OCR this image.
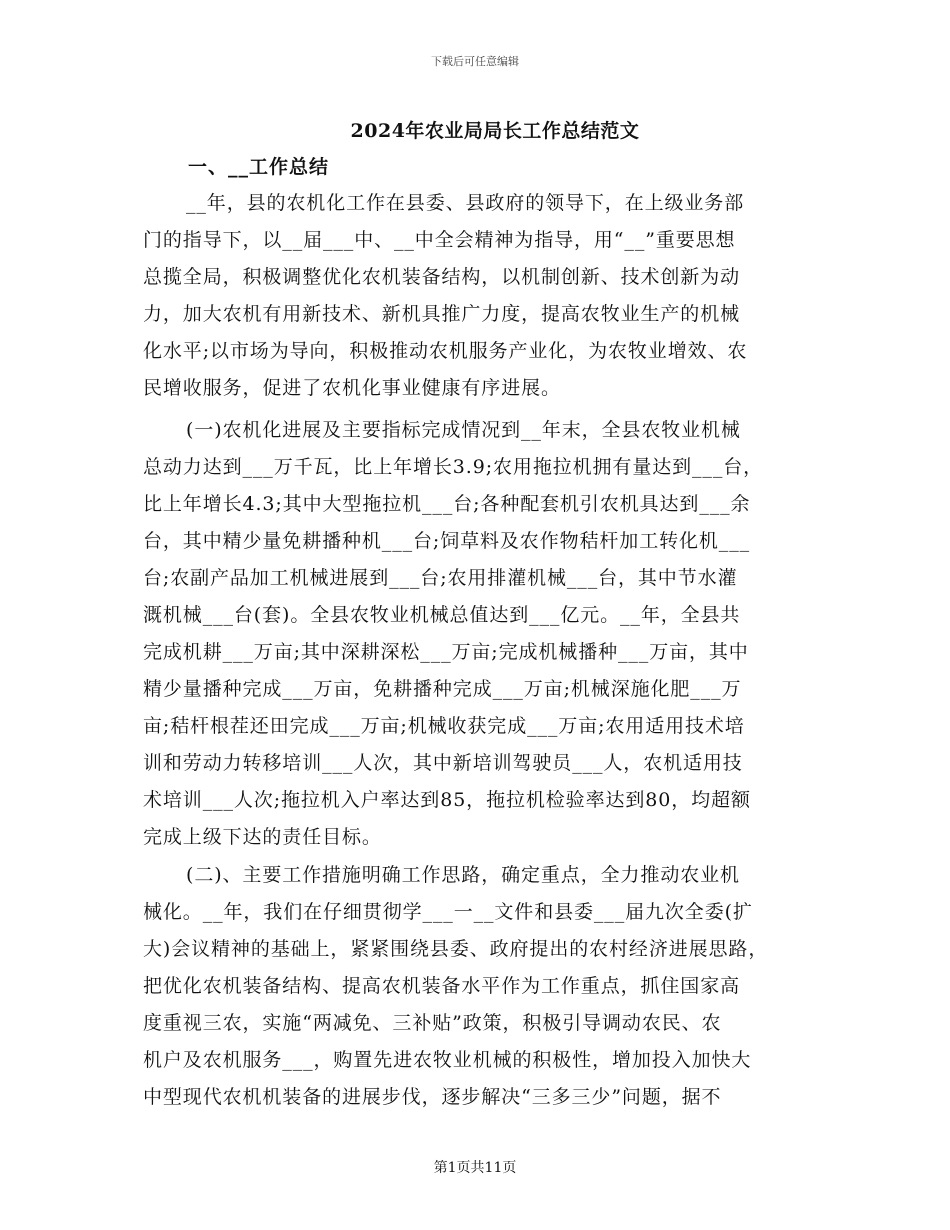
下载后可任意编辑
2024年农业局局长工作总结范文
一、__工作总结
__年，县的农机化工作在县委、县政府的领导下，在上级业务部
门的指导下，以__届___中、__中全会精神为指导，用“__”重要思想
总揽全局，积极调整优化农机装备结构，以机制创新、技术创新为动
力，加大农机有用新技术、新机具推广力度，提高农牧业生产的机械
化水平;以市场为导向，积极推动农机服务产业化，为农牧业增效、农
民增收服务，促进了农机化事业健康有序进展。
(一)农机化进展及主要指标完成情况到__年末，全县农牧业机械
总动力达到___万千瓦，比上年增长3.9;农用拖拉机拥有量达到___台，
比上年增长4.3;其中大型拖拉机___台;各种配套机引农机具达到___余
台，其中精少量免耕播种机___台;饲草料及农作物秸杆加工转化机___
台;农副产品加工机械进展到___台;农用排灌机械___台，其中节水灌
溉机械___台(套)。全县农牧业机械总值达到___亿元。__年，全县共
完成机耕___万亩;其中深耕深松___万亩;完成机械播种___万亩，其中
精少量播种完成___万亩，免耕播种完成___万亩;机械深施化肥___万
亩;秸杆根茬还田完成___万亩;机械收获完成___万亩;农用适用技术培
训和劳动力转移培训___人次，其中新培训驾驶员___人，农机适用技
术培训___人次;拖拉机入户率达到85，拖拉机检验率达到80，均超额
完成上级下达的责任目标。
(二)、主要工作措施明确工作思路，确定重点，全力推动农业机
械化。__年，我们在仔细贯彻学___一__文件和县委___届九次全委(扩
大)会议精神的基础上，紧紧围绕县委、政府提出的农村经济进展思路，
把优化农机装备结构、提高农机装备水平作为工作重点，抓住国家高
度重视三农，实施“两减免、三补贴”政策，积极引导调动农民、农
机户及农机服务___，购置先进农牧业机械的积极性，增加投入加快大
中型现代农机机装备的进展步伐，逐步解决“三多三少”问题，据不
第1页共11页
